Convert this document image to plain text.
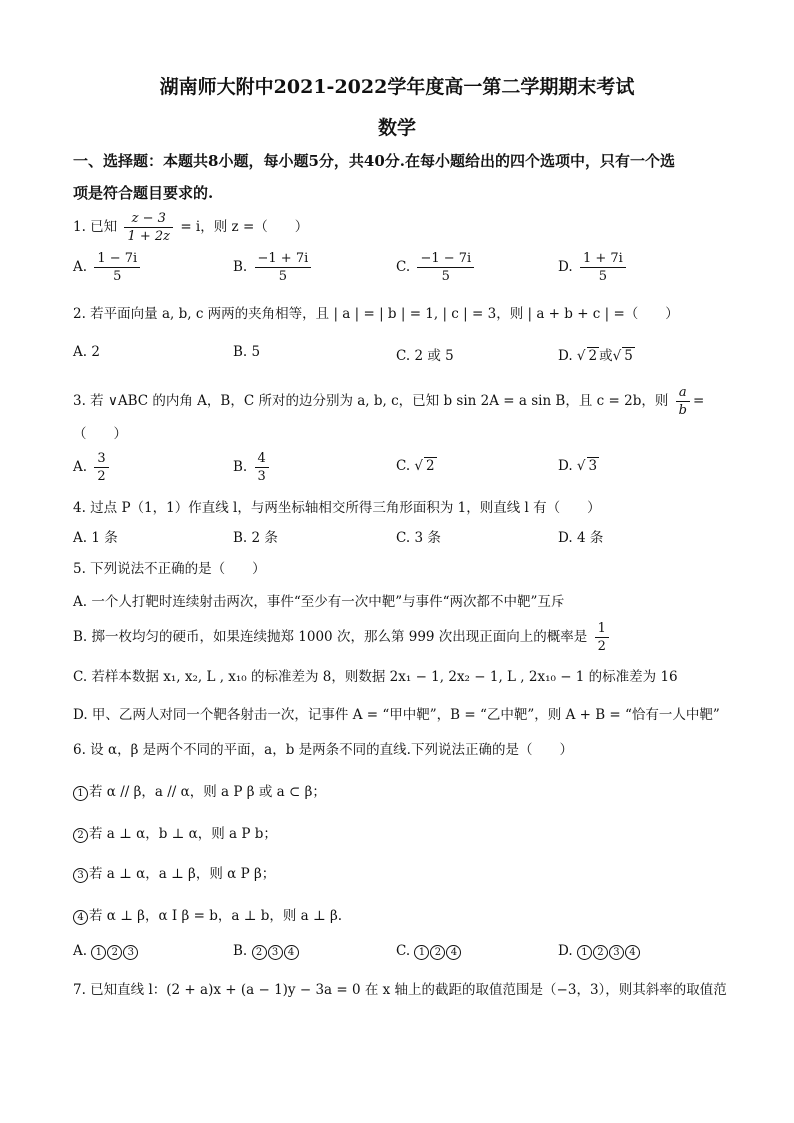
湖南师大附中2021-2022学年度高一第二学期期末考试
数学
一、选择题：本题共8小题，每小题5分，共40分.在每小题给出的四个选项中，只有一个选
项是符合题目要求的.
1. 已知 $\frac{z - 3}{1 + 2z} = i$，则 z =（　　）
A. $\frac{1 - 7i}{5}$	B. $\frac{-1 + 7i}{5}$	C. $\frac{-1 - 7i}{5}$	D. $\frac{1 + 7i}{5}$
2. 若平面向量 a, b, c 两两的夹角相等，且 | a | = | b | = 1, | c | = 3，则 | a + b + c | =（　　）
A. 2	B. 5	C. 2 或 5	D. √ 2 或√ 5
3. 若 ∨ABC 的内角 A，B，C 所对的边分别为 a, b, c，已知 b sin 2A = a sin B，且 c = 2b，则 $\frac{a}{b}$ =
（　　）
A. $\frac{3}{2}$	B. $\frac{4}{3}$	C. √ 2	D. √ 3
4. 过点 P（1，1）作直线 l，与两坐标轴相交所得三角形面积为 1，则直线 l 有（　　）
A. 1 条	B. 2 条	C. 3 条	D. 4 条
5. 下列说法不正确的是（　　）
A. 一个人打靶时连续射击两次，事件“至少有一次中靶”与事件“两次都不中靶”互斥
B. 掷一枚均匀的硬币，如果连续抛郑 1000 次，那么第 999 次出现正面向上的概率是 $\frac{1}{2}$
C. 若样本数据 x₁, x₂, L , x₁₀ 的标准差为 8，则数据 2x₁ − 1, 2x₂ − 1, L , 2x₁₀ − 1 的标准差为 16
D. 甲、乙两人对同一个靶各射击一次，记事件 A = “甲中靶”，B = “乙中靶”，则 A + B = “恰有一人中靶”
6. 设 α，β 是两个不同的平面，a，b 是两条不同的直线.下列说法正确的是（　　）
1 若 α // β，a // α，则 a P β 或 a ⊂ β；
2 若 a ⊥ α，b ⊥ α，则 a P b；
3 若 a ⊥ α，a ⊥ β，则 α P β；
4 若 α ⊥ β，α I β = b，a ⊥ b，则 a ⊥ β.
A. 1 2 3	B. 2 3 4	C. 1 2 4	D. 1 2 3 4
7. 已知直线 l：(2 + a)x + (a − 1)y − 3a = 0 在 x 轴上的截距的取值范围是（−3，3），则其斜率的取值范
